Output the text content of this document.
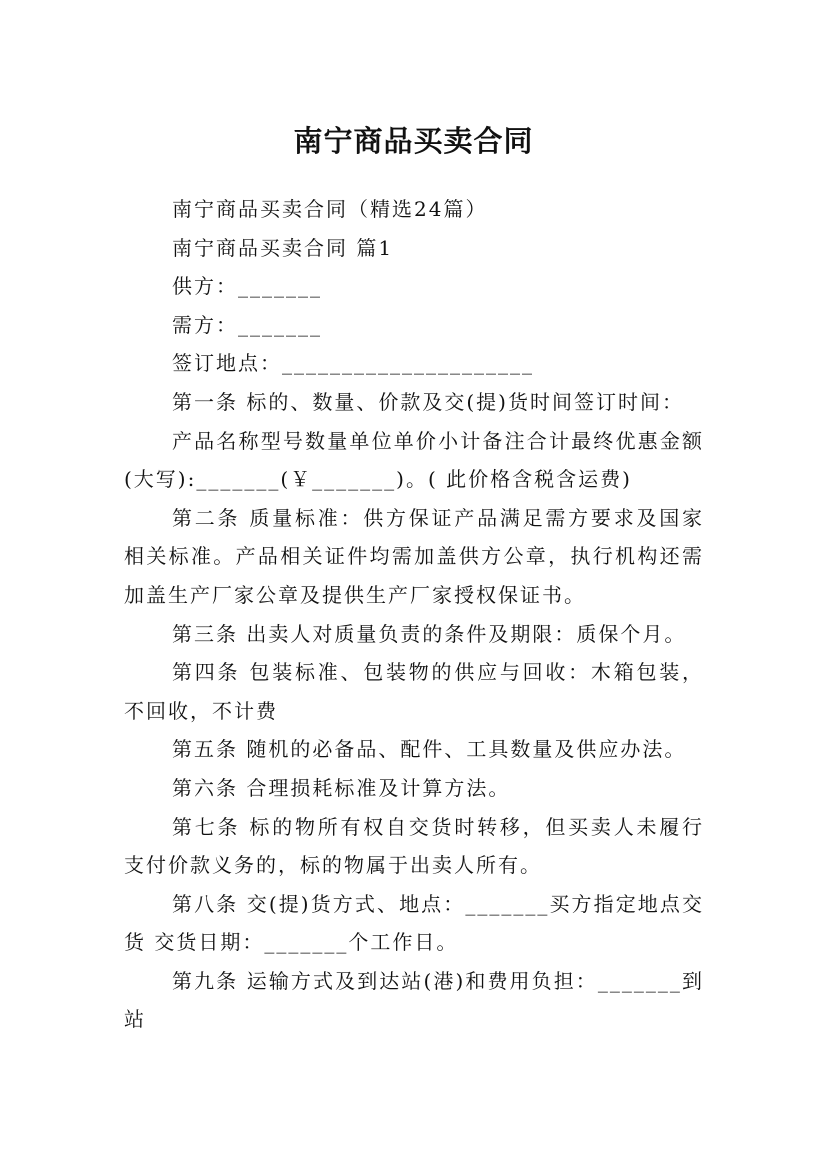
南宁商品买卖合同

南宁商品买卖合同（精选24篇）

南宁商品买卖合同 篇1

供方：_______

需方：_______

签订地点：_____________________

第一条 标的、数量、价款及交(提)货时间签订时间：

产品名称型号数量单位单价小计备注合计最终优惠金额(大写):_______(￥_______)。( 此价格含税含运费)

第二条 质量标准：供方保证产品满足需方要求及国家相关标准。产品相关证件均需加盖供方公章，执行机构还需加盖生产厂家公章及提供生产厂家授权保证书。

第三条 出卖人对质量负责的条件及期限：质保个月。

第四条 包装标准、包装物的供应与回收：木箱包装，不回收，不计费

第五条 随机的必备品、配件、工具数量及供应办法。

第六条 合理损耗标准及计算方法。

第七条 标的物所有权自交货时转移，但买卖人未履行支付价款义务的，标的物属于出卖人所有。

第八条 交(提)货方式、地点：_______买方指定地点交货 交货日期：_______个工作日。

第九条 运输方式及到达站(港)和费用负担：_______到站
